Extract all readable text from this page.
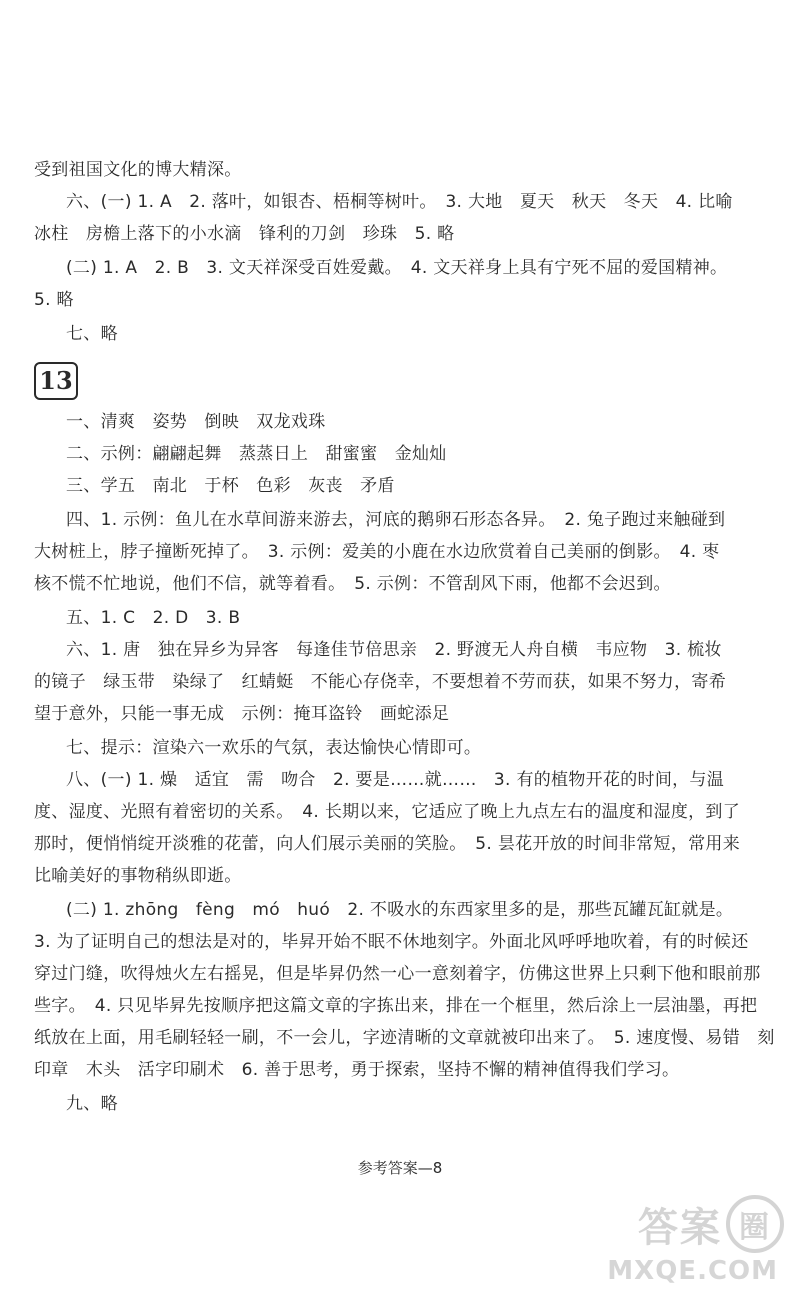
受到祖国文化的博大精深。
六、(一) 1. A　2. 落叶，如银杏、梧桐等树叶。　3. 大地　夏天　秋天　冬天　4. 比喻
冰柱　房檐上落下的小水滴　锋利的刀剑　珍珠　5. 略
(二) 1. A　2. B　3. 文天祥深受百姓爱戴。　4. 文天祥身上具有宁死不屈的爱国精神。
5. 略
七、略
13
一、清爽　姿势　倒映　双龙戏珠
二、示例：翩翩起舞　蒸蒸日上　甜蜜蜜　金灿灿
三、学五　南北　于杯　色彩　灰丧　矛盾
四、1. 示例：鱼儿在水草间游来游去，河底的鹅卵石形态各异。　2. 兔子跑过来触碰到
大树桩上，脖子撞断死掉了。　3. 示例：爱美的小鹿在水边欣赏着自己美丽的倒影。　4. 枣
核不慌不忙地说，他们不信，就等着看。　5. 示例：不管刮风下雨，他都不会迟到。
五、1. C　2. D　3. B
六、1. 唐　独在异乡为异客　每逢佳节倍思亲　2. 野渡无人舟自横　韦应物　3. 梳妆
的镜子　绿玉带　染绿了　红蜻蜓　不能心存侥幸，不要想着不劳而获，如果不努力，寄希
望于意外，只能一事无成　示例：掩耳盗铃　画蛇添足
七、提示：渲染六一欢乐的气氛，表达愉快心情即可。
八、(一) 1. 燥　适宜　需　吻合　2. 要是……就……　3. 有的植物开花的时间，与温
度、湿度、光照有着密切的关系。　4. 长期以来，它适应了晚上九点左右的温度和湿度，到了
那时，便悄悄绽开淡雅的花蕾，向人们展示美丽的笑脸。　5. 昙花开放的时间非常短，常用来
比喻美好的事物稍纵即逝。
(二) 1. zhōng　fèng　mó　huó　2. 不吸水的东西家里多的是，那些瓦罐瓦缸就是。
3. 为了证明自己的想法是对的，毕昇开始不眠不休地刻字。外面北风呼呼地吹着，有的时候还
穿过门缝，吹得烛火左右摇晃，但是毕昇仍然一心一意刻着字，仿佛这世界上只剩下他和眼前那
些字。　4. 只见毕昇先按顺序把这篇文章的字拣出来，排在一个框里，然后涂上一层油墨，再把
纸放在上面，用毛刷轻轻一刷，不一会儿，字迹清晰的文章就被印出来了。　5. 速度慢、易错　刻
印章　木头　活字印刷术　6. 善于思考，勇于探索，坚持不懈的精神值得我们学习。
九、略
参考答案—8
答案 圈
MXQE.COM
